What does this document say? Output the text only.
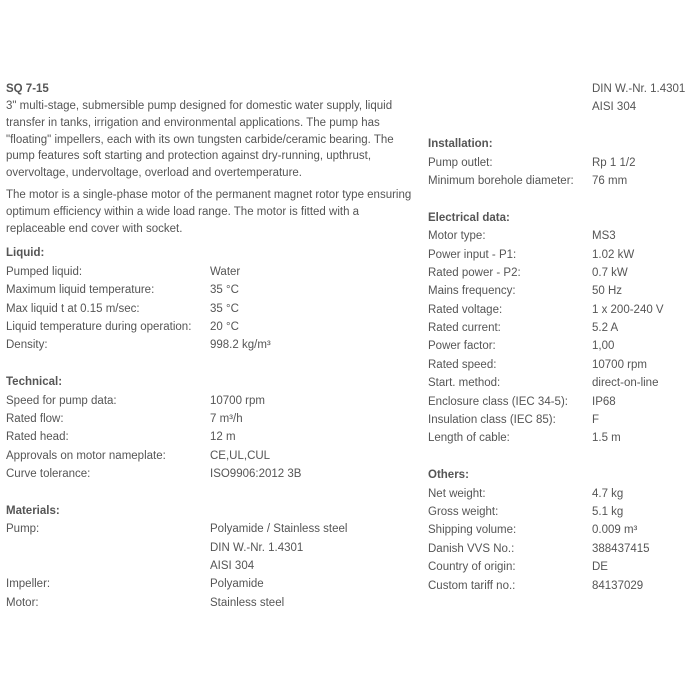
SQ 7-15

3" multi-stage, submersible pump designed for domestic water supply, liquid transfer in tanks, irrigation and environmental applications. The pump has "floating" impellers, each with its own tungsten carbide/ceramic bearing. The pump features soft starting and protection against dry-running, upthrust, overvoltage, undervoltage, overload and overtemperature.

The motor is a single-phase motor of the permanent magnet rotor type ensuring optimum efficiency within a wide load range. The motor is fitted with a replaceable end cover with socket.

Liquid:
Pumped liquid:	Water
Maximum liquid temperature:	35 °C
Max liquid t at 0.15 m/sec:	35 °C
Liquid temperature during operation:	20 °C
Density:	998.2 kg/m³
Technical:
Speed for pump data:	10700 rpm
Rated flow:	7 m³/h
Rated head:	12 m
Approvals on motor nameplate:	CE,UL,CUL
Curve tolerance:	ISO9906:2012 3B
Materials:
Pump:	Polyamide / Stainless steel
DIN W.-Nr. 1.4301
AISI 304
Impeller:	Polyamide
Motor:	Stainless steel
DIN W.-Nr. 1.4301
AISI 304
Installation:
Pump outlet:	Rp 1 1/2
Minimum borehole diameter:	76 mm
Electrical data:
Motor type:	MS3
Power input - P1:	1.02 kW
Rated power - P2:	0.7 kW
Mains frequency:	50 Hz
Rated voltage:	1 x 200-240 V
Rated current:	5.2 A
Power factor:	1,00
Rated speed:	10700 rpm
Start. method:	direct-on-line
Enclosure class (IEC 34-5):	IP68
Insulation class (IEC 85):	F
Length of cable:	1.5 m
Others:
Net weight:	4.7 kg
Gross weight:	5.1 kg
Shipping volume:	0.009 m³
Danish VVS No.:	388437415
Country of origin:	DE
Custom tariff no.:	84137029
